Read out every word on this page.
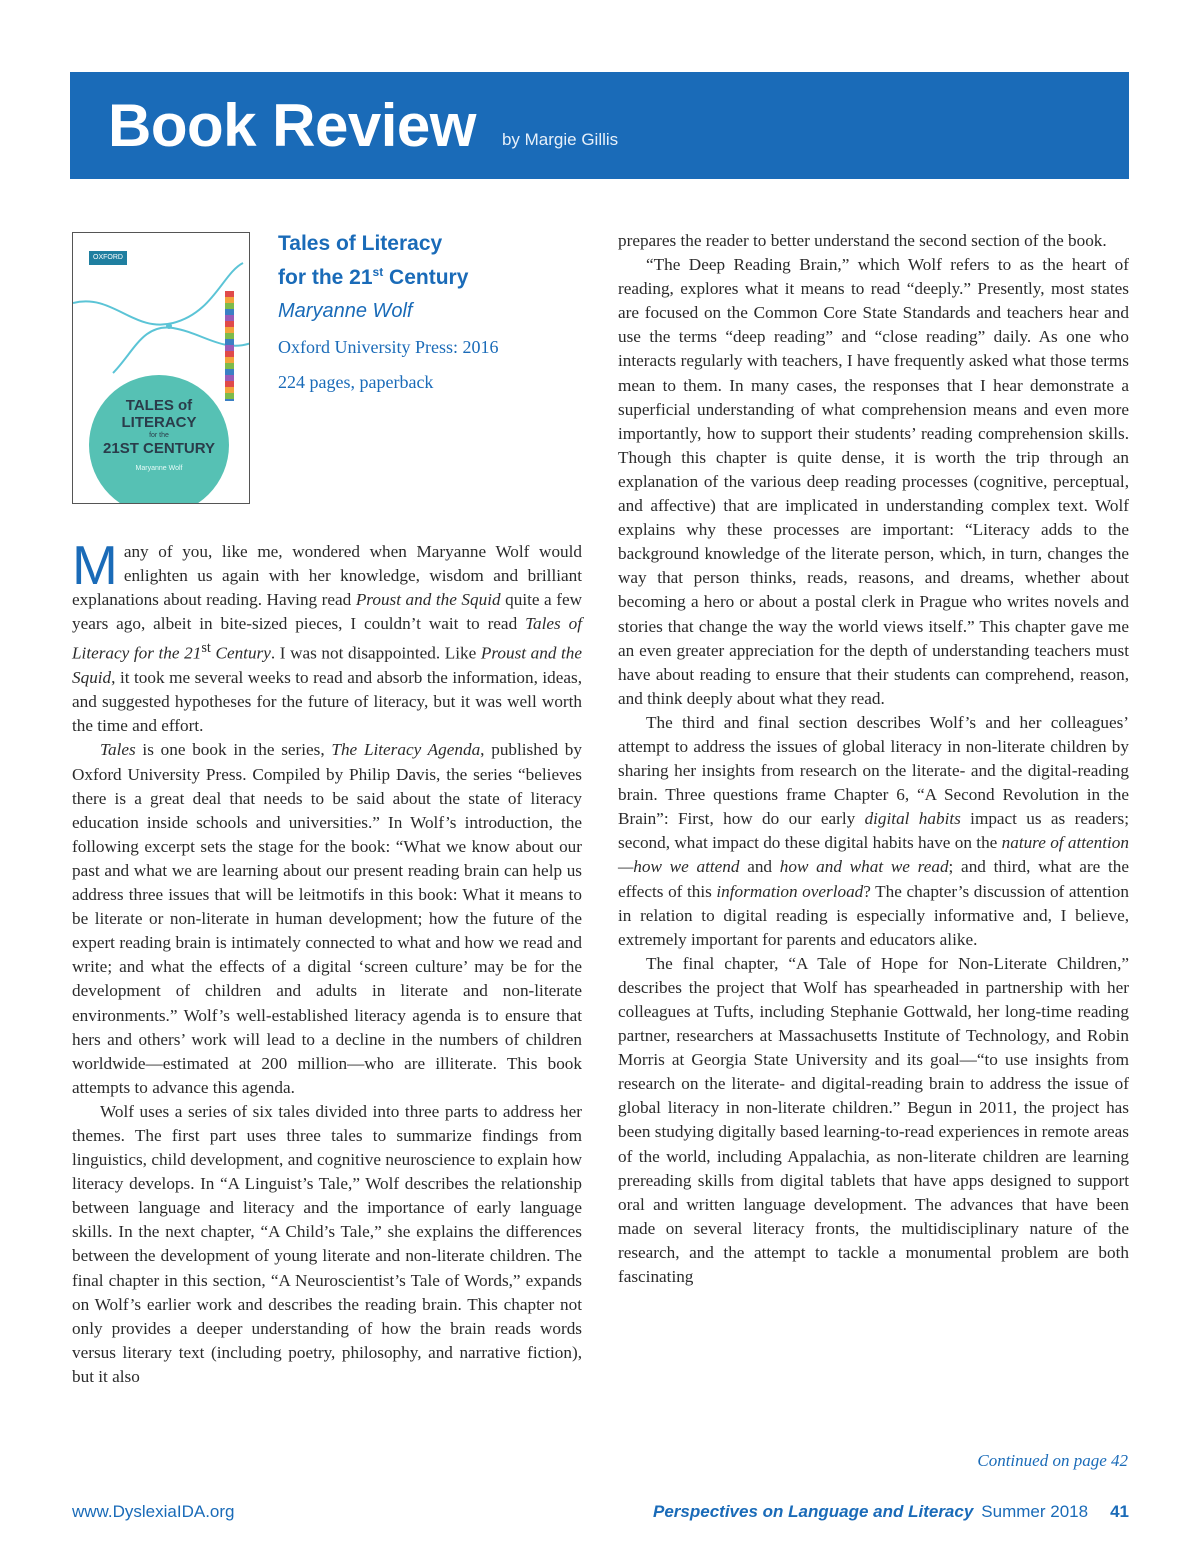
Book Review by Margie Gillis
OXFORD
TALES of
LITERACY
for the
21ST CENTURY
Maryanne Wolf
Tales of Literacy
for the 21st Century
Maryanne Wolf
Oxford University Press: 2016
224 pages, paperback

Many of you, like me, wondered when Maryanne Wolf would enlighten us again with her knowledge, wisdom and brilliant explanations about reading. Having read Proust and the Squid quite a few years ago, albeit in bite-sized pieces, I couldn’t wait to read Tales of Literacy for the 21st Century. I was not disappointed. Like Proust and the Squid, it took me several weeks to read and absorb the information, ideas, and suggested hypotheses for the future of literacy, but it was well worth the time and effort.

Tales is one book in the series, The Literacy Agenda, published by Oxford University Press. Compiled by Philip Davis, the series “believes there is a great deal that needs to be said about the state of literacy education inside schools and universities.” In Wolf’s introduction, the following excerpt sets the stage for the book: “What we know about our past and what we are learning about our present reading brain can help us address three issues that will be leitmotifs in this book: What it means to be literate or non-literate in human development; how the future of the expert reading brain is intimately connected to what and how we read and write; and what the effects of a digital ‘screen culture’ may be for the development of children and adults in literate and non-literate environments.” Wolf’s well-established literacy agenda is to ensure that hers and others’ work will lead to a decline in the numbers of children worldwide—estimated at 200 million—who are illiterate. This book attempts to advance this agenda.

Wolf uses a series of six tales divided into three parts to address her themes. The first part uses three tales to summarize findings from linguistics, child development, and cognitive neuroscience to explain how literacy develops. In “A Linguist’s Tale,” Wolf describes the relationship between language and literacy and the importance of early language skills. In the next chapter, “A Child’s Tale,” she explains the differences between the development of young literate and non-literate children. The final chapter in this section, “A Neuroscientist’s Tale of Words,” expands on Wolf’s earlier work and describes the reading brain. This chapter not only provides a deeper understanding of how the brain reads words versus literary text (including poetry, philosophy, and narrative fiction), but it also

prepares the reader to better understand the second section of the book.

“The Deep Reading Brain,” which Wolf refers to as the heart of reading, explores what it means to read “deeply.” Presently, most states are focused on the Common Core State Standards and teachers hear and use the terms “deep reading” and “close reading” daily. As one who interacts regularly with teachers, I have frequently asked what those terms mean to them. In many cases, the responses that I hear demonstrate a superficial understanding of what comprehension means and even more importantly, how to support their students’ reading comprehension skills. Though this chapter is quite dense, it is worth the trip through an explanation of the various deep reading processes (cognitive, perceptual, and affective) that are implicated in understanding complex text. Wolf explains why these processes are important: “Literacy adds to the background knowledge of the literate person, which, in turn, changes the way that person thinks, reads, reasons, and dreams, whether about becoming a hero or about a postal clerk in Prague who writes novels and stories that change the way the world views itself.” This chapter gave me an even greater appreciation for the depth of understanding teachers must have about reading to ensure that their students can comprehend, reason, and think deeply about what they read.

The third and final section describes Wolf’s and her colleagues’ attempt to address the issues of global literacy in non-literate children by sharing her insights from research on the literate- and the digital-reading brain. Three questions frame Chapter 6, “A Second Revolution in the Brain”: First, how do our early digital habits impact us as readers; second, what impact do these digital habits have on the nature of attention—how we attend and how and what we read; and third, what are the effects of this information overload? The chapter’s discussion of attention in relation to digital reading is especially informative and, I believe, extremely important for parents and educators alike.

The final chapter, “A Tale of Hope for Non-Literate Children,” describes the project that Wolf has spearheaded in partnership with her colleagues at Tufts, including Stephanie Gottwald, her long-time reading partner, researchers at Massachusetts Institute of Technology, and Robin Morris at Georgia State University and its goal—“to use insights from research on the literate- and digital-reading brain to address the issue of global literacy in non-literate children.” Begun in 2011, the project has been studying digitally based learning-to-read experiences in remote areas of the world, including Appalachia, as non-literate children are learning prereading skills from digital tablets that have apps designed to support oral and written language development. The advances that have been made on several literacy fronts, the multidisciplinary nature of the research, and the attempt to tackle a monumental problem are both fascinating

Continued on page 42
www.DyslexiaIDA.org	Perspectives on Language and Literacy Summer 2018 41
